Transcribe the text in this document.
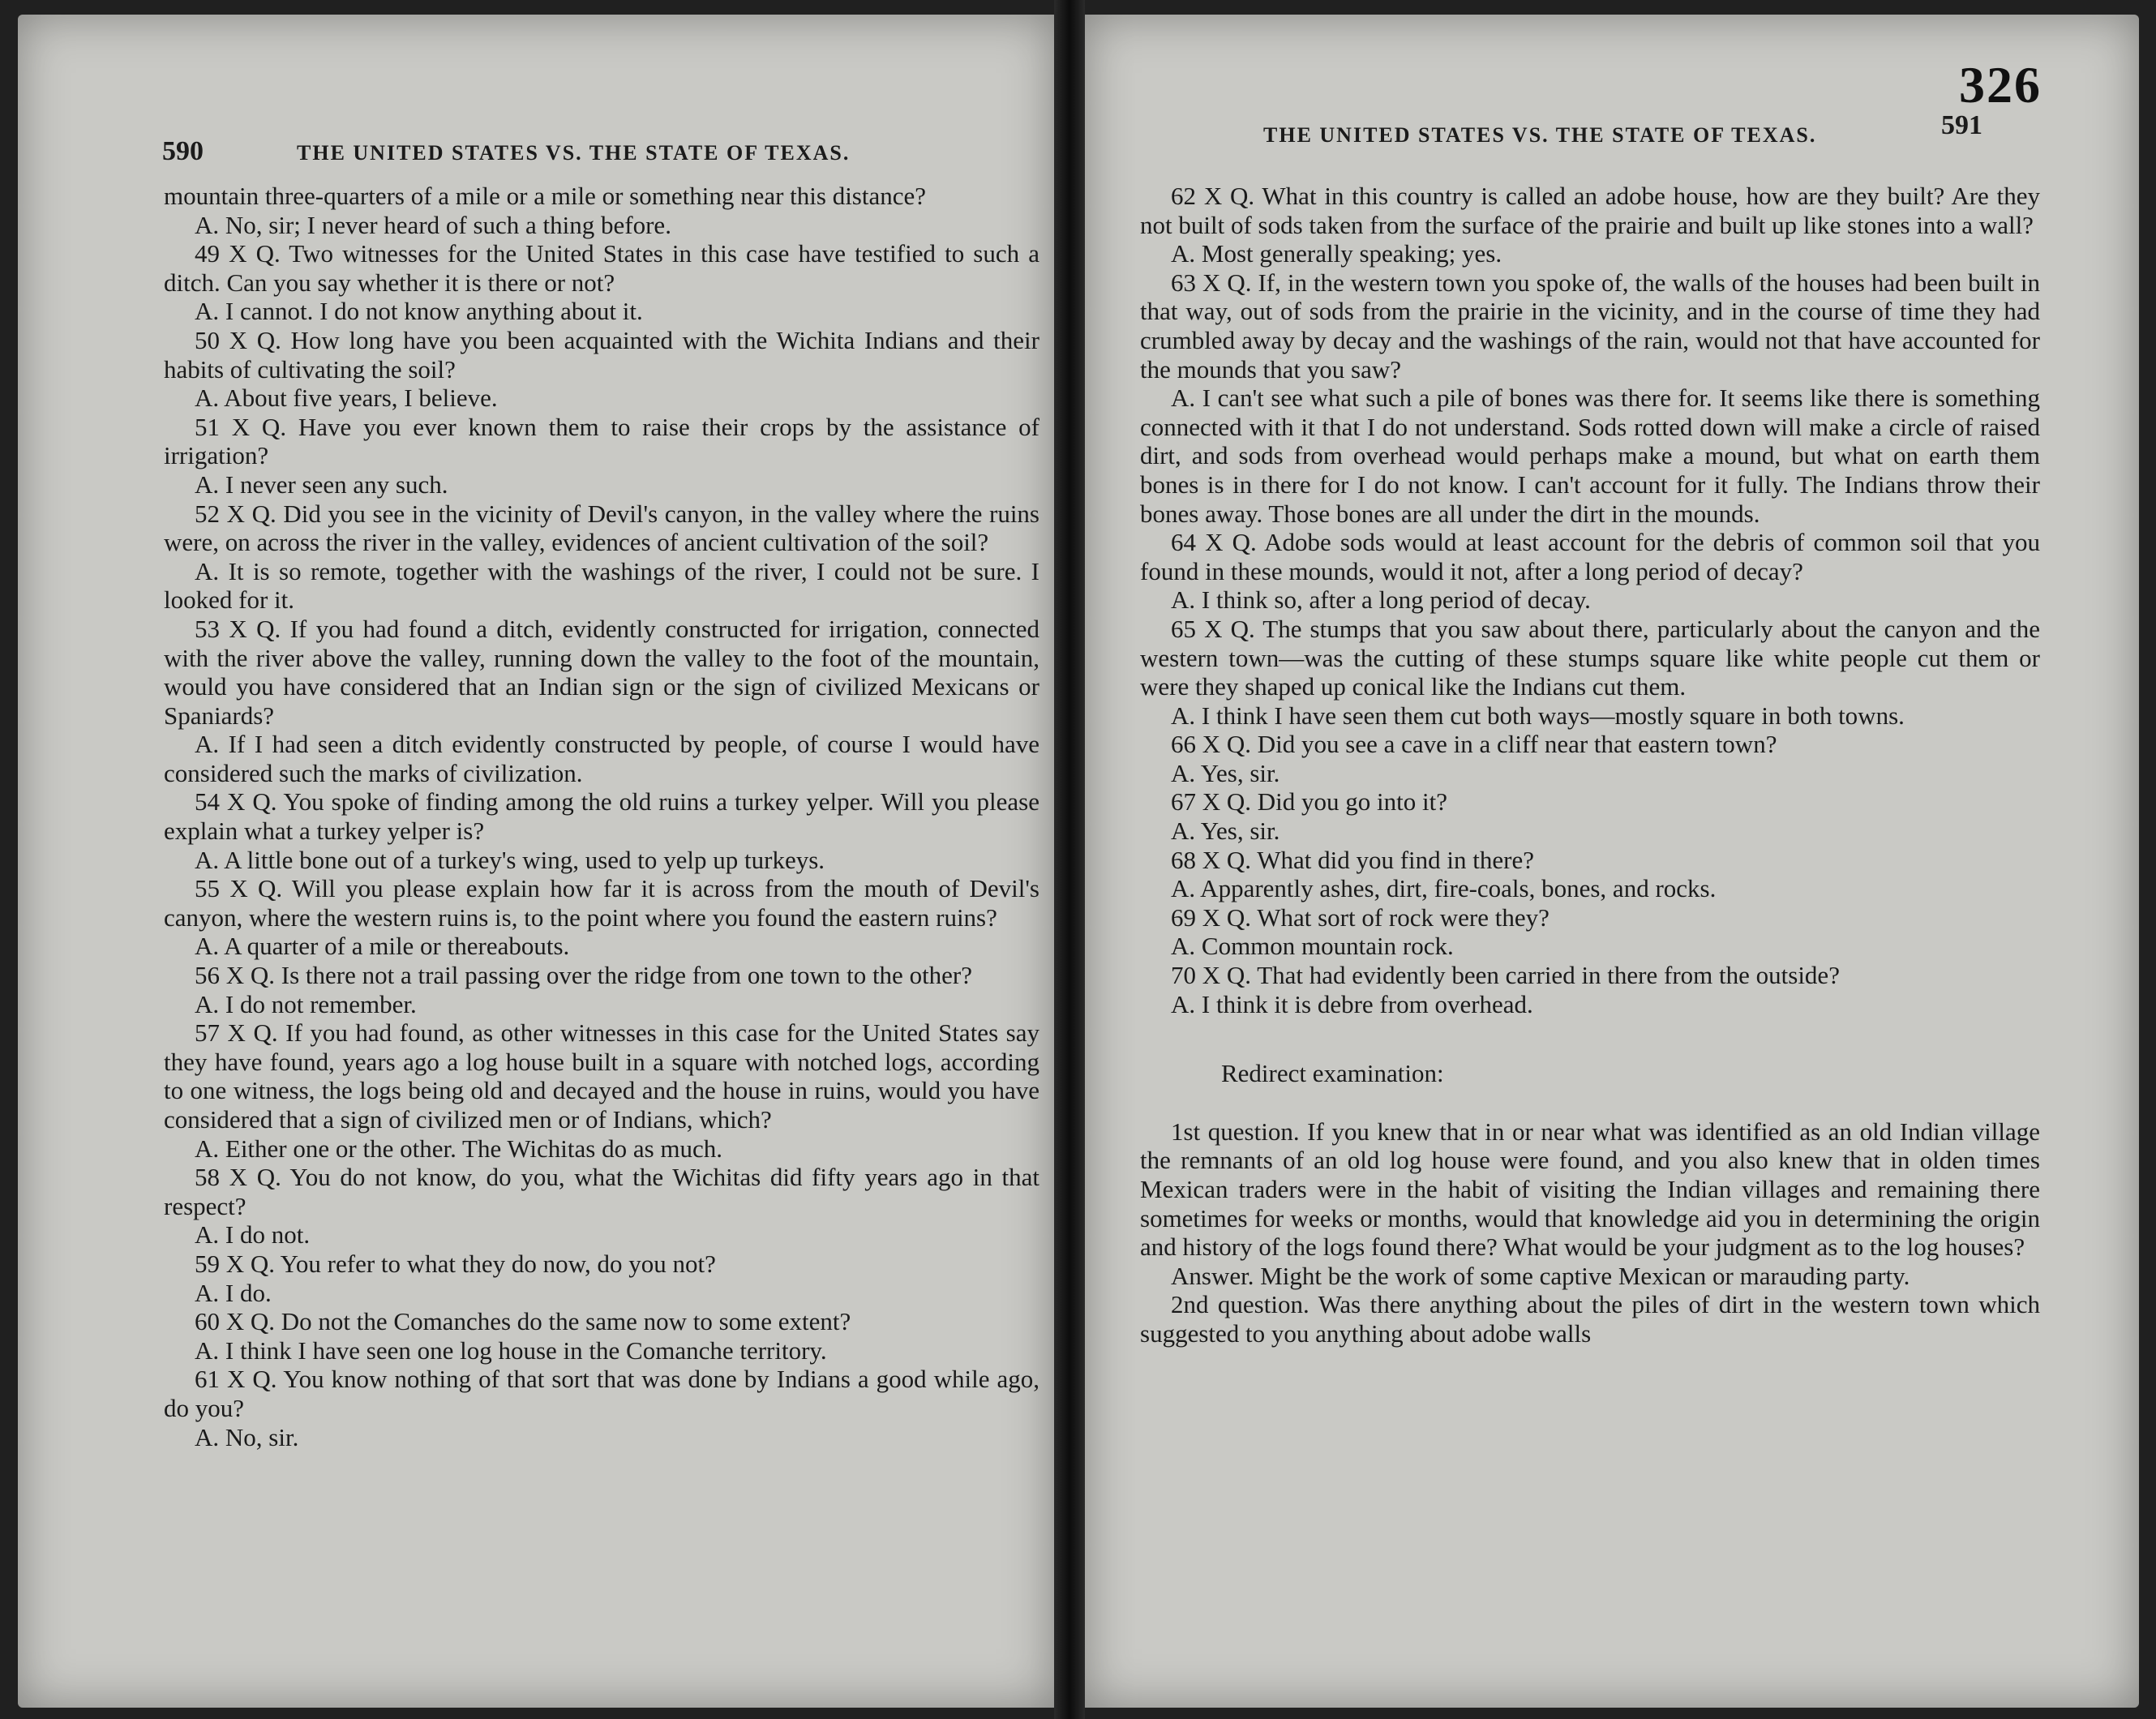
590	THE UNITED STATES VS. THE STATE OF TEXAS.

mountain three-quarters of a mile or a mile or something near this distance?

A. No, sir; I never heard of such a thing before.

49 X Q. Two witnesses for the United States in this case have testified to such a ditch. Can you say whether it is there or not?

A. I cannot. I do not know anything about it.

50 X Q. How long have you been acquainted with the Wichita Indians and their habits of cultivating the soil?

A. About five years, I believe.

51 X Q. Have you ever known them to raise their crops by the assistance of irrigation?

A. I never seen any such.

52 X Q. Did you see in the vicinity of Devil's canyon, in the valley where the ruins were, on across the river in the valley, evidences of ancient cultivation of the soil?

A. It is so remote, together with the washings of the river, I could not be sure. I looked for it.

53 X Q. If you had found a ditch, evidently constructed for irrigation, connected with the river above the valley, running down the valley to the foot of the mountain, would you have considered that an Indian sign or the sign of civilized Mexicans or Spaniards?

A. If I had seen a ditch evidently constructed by people, of course I would have considered such the marks of civilization.

54 X Q. You spoke of finding among the old ruins a turkey yelper. Will you please explain what a turkey yelper is?

A. A little bone out of a turkey's wing, used to yelp up turkeys.

55 X Q. Will you please explain how far it is across from the mouth of Devil's canyon, where the western ruins is, to the point where you found the eastern ruins?

A. A quarter of a mile or thereabouts.

56 X Q. Is there not a trail passing over the ridge from one town to the other?

A. I do not remember.

57 X Q. If you had found, as other witnesses in this case for the United States say they have found, years ago a log house built in a square with notched logs, according to one witness, the logs being old and decayed and the house in ruins, would you have considered that a sign of civilized men or of Indians, which?

A. Either one or the other. The Wichitas do as much.

58 X Q. You do not know, do you, what the Wichitas did fifty years ago in that respect?

A. I do not.

59 X Q. You refer to what they do now, do you not?

A. I do.

60 X Q. Do not the Comanches do the same now to some extent?

A. I think I have seen one log house in the Comanche territory.

61 X Q. You know nothing of that sort that was done by Indians a good while ago, do you?

A. No, sir.

326
THE UNITED STATES VS. THE STATE OF TEXAS.	591

62 X Q. What in this country is called an adobe house, how are they built? Are they not built of sods taken from the surface of the prairie and built up like stones into a wall?

A. Most generally speaking; yes.

63 X Q. If, in the western town you spoke of, the walls of the houses had been built in that way, out of sods from the prairie in the vicinity, and in the course of time they had crumbled away by decay and the washings of the rain, would not that have accounted for the mounds that you saw?

A. I can't see what such a pile of bones was there for. It seems like there is something connected with it that I do not understand. Sods rotted down will make a circle of raised dirt, and sods from overhead would perhaps make a mound, but what on earth them bones is in there for I do not know. I can't account for it fully. The Indians throw their bones away. Those bones are all under the dirt in the mounds.

64 X Q. Adobe sods would at least account for the debris of common soil that you found in these mounds, would it not, after a long period of decay?

A. I think so, after a long period of decay.

65 X Q. The stumps that you saw about there, particularly about the canyon and the western town—was the cutting of these stumps square like white people cut them or were they shaped up conical like the Indians cut them.

A. I think I have seen them cut both ways—mostly square in both towns.

66 X Q. Did you see a cave in a cliff near that eastern town?

A. Yes, sir.

67 X Q. Did you go into it?

A. Yes, sir.

68 X Q. What did you find in there?

A. Apparently ashes, dirt, fire-coals, bones, and rocks.

69 X Q. What sort of rock were they?

A. Common mountain rock.

70 X Q. That had evidently been carried in there from the outside?

A. I think it is debre from overhead.

Redirect examination:

1st question. If you knew that in or near what was identified as an old Indian village the remnants of an old log house were found, and you also knew that in olden times Mexican traders were in the habit of visiting the Indian villages and remaining there sometimes for weeks or months, would that knowledge aid you in determining the origin and history of the logs found there? What would be your judgment as to the log houses?

Answer. Might be the work of some captive Mexican or marauding party.

2nd question. Was there anything about the piles of dirt in the western town which suggested to you anything about adobe walls
